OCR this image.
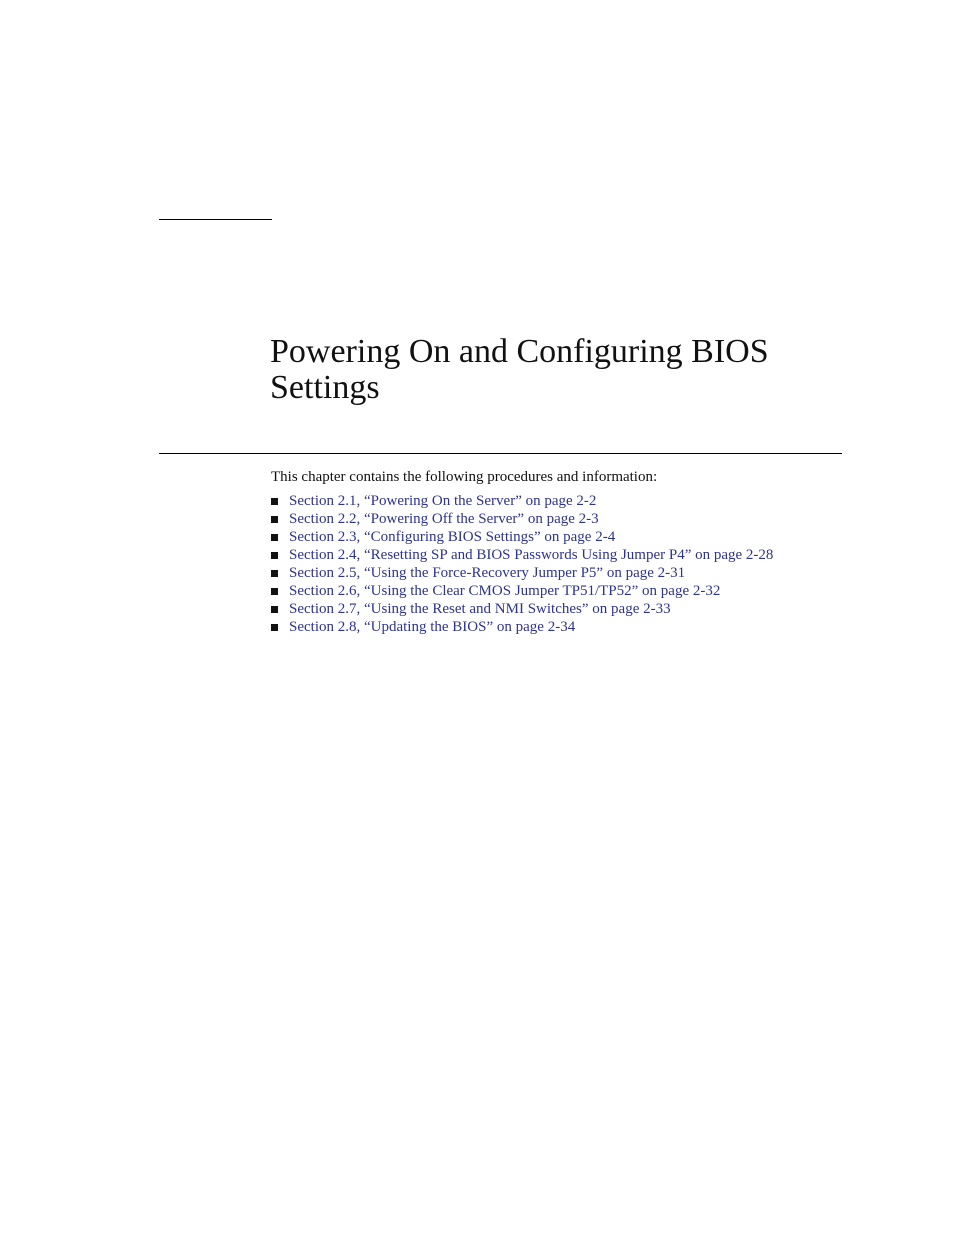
Powering On and Configuring BIOS Settings

This chapter contains the following procedures and information:

Section 2.1, “Powering On the Server” on page 2-2
Section 2.2, “Powering Off the Server” on page 2-3
Section 2.3, “Configuring BIOS Settings” on page 2-4
Section 2.4, “Resetting SP and BIOS Passwords Using Jumper P4” on page 2-28
Section 2.5, “Using the Force-Recovery Jumper P5” on page 2-31
Section 2.6, “Using the Clear CMOS Jumper TP51/TP52” on page 2-32
Section 2.7, “Using the Reset and NMI Switches” on page 2-33
Section 2.8, “Updating the BIOS” on page 2-34
